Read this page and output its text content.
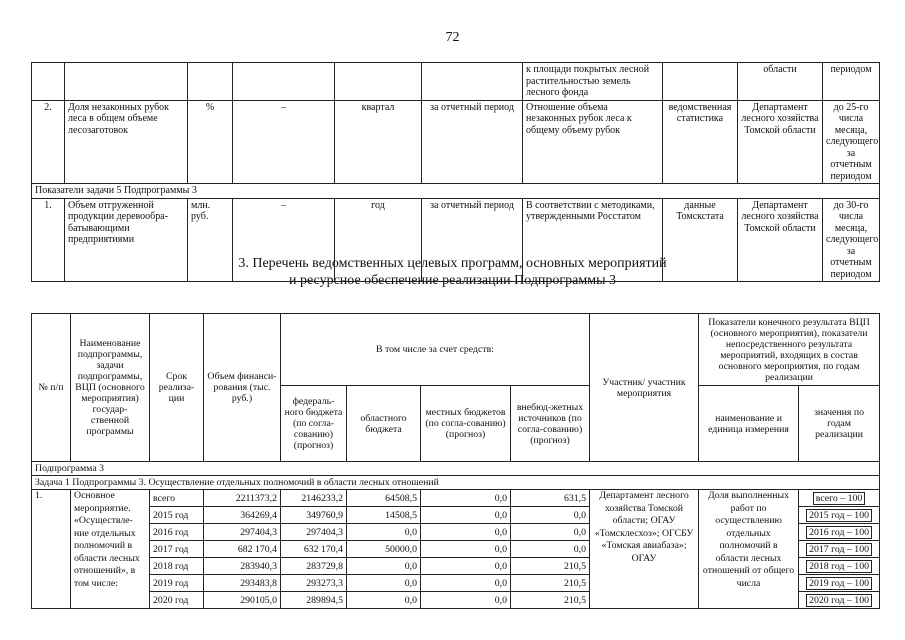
72
						к площади покрытых лесной растительностью земель лесного фонда		области	периодом
2.	Доля незаконных рубок леса в общем объеме лесозаготовок	%	–	квартал	за отчетный период	Отношение объема незаконных рубок леса к общему объему рубок	ведомственная статистика	Департамент лесного хозяйства Томской области	до 25-го числа месяца, следующего за отчетным периодом
Показатели задачи 5 Подпрограммы 3									
1.	Объем отгруженной продукции деревообра-батывающими предприятиями	млн. руб.	–	год	за отчетный период	В соответствии с методиками, утвержденными Росстатом	данные Томскстата	Департамент лесного хозяйства Томской области	до 30-го числа месяца, следующего за отчетным периодом
3. Перечень ведомственных целевых программ, основных мероприятий
и ресурсное обеспечение реализации Подпрограммы 3
№ п/п	Наименование подпрограммы, задачи подпрограммы, ВЦП (основного мероприятия) государ-ственной программы	Срок реализа-ции	Объем финанси-рования (тыс. руб.)	В том числе за счет средств:				Участник/ участник мероприятия	Показатели конечного результата ВЦП (основного мероприятия), показатели непосредственного результата мероприятий, входящих в состав основного мероприятия, по годам реализации	
				федераль-ного бюджета (по согла-сованию) (прогноз)	областного бюджета	местных бюджетов (по согла-сованию) (прогноз)	внебюд-жетных источников (по согла-сованию) (прогноз)		наименование и единица измерения	значения по годам реализации
Подпрограмма 3										
Задача 1 Подпрограммы 3. Осуществление отдельных полномочий в области лесных отношений										
1.	Основное мероприятие. «Осуществле-ние отдельных полномочий в области лесных отношений», в том числе:	всего	2211373,2	2146233,2	64508,5	0,0	631,5	Департамент лесного хозяйства Томской области; ОГАУ «Томсклесхоз»; ОГСБУ «Томская авиабаза»; ОГАУ	Доля выполненных работ по осуществлению отдельных полномочий в области лесных отношений от общего числа	всего – 100
		2015 год	364269,4	349760,9	14508,5	0,0	0,0			2015 год – 100
		2016 год	297404,3	297404,3	0,0	0,0	0,0			2016 год – 100
		2017 год	682 170,4	632 170,4	50000,0	0,0	0,0			2017 год – 100
		2018 год	283940,3	283729,8	0,0	0,0	210,5			2018 год – 100
		2019 год	293483,8	293273,3	0,0	0,0	210,5			2019 год – 100
		2020 год	290105,0	289894,5	0,0	0,0	210,5			2020 год – 100
